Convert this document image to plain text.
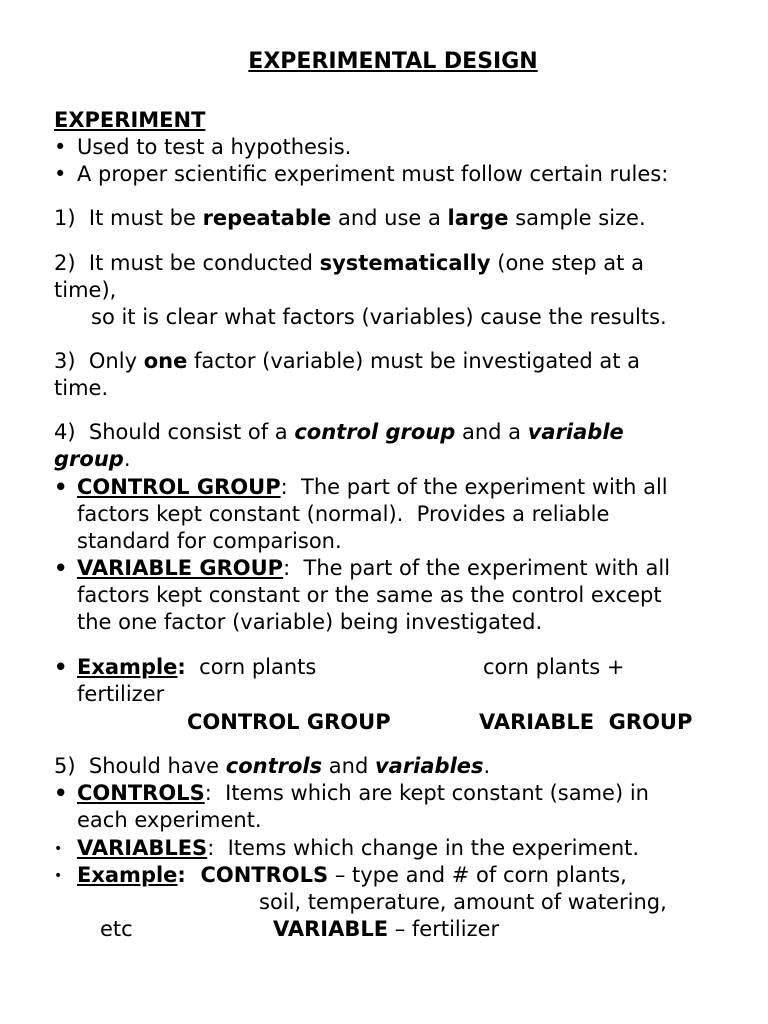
EXPERIMENTAL DESIGN

EXPERIMENT

• Used to test a hypothesis.

• A proper scientific experiment must follow certain rules:

1)  It must be repeatable and use a large sample size.

2)  It must be conducted systematically (one step at a

time),

so it is clear what factors (variables) cause the results.

3)  Only one factor (variable) must be investigated at a

time.

4)  Should consist of a control group and a variable

group.

• CONTROL GROUP:  The part of the experiment with all

factors kept constant (normal).  Provides a reliable

standard for comparison.

• VARIABLE GROUP:  The part of the experiment with all

factors kept constant or the same as the control except

the one factor (variable) being investigated.

• Example:  corn plants	corn plants +

fertilizer

CONTROL GROUP	VARIABLE  GROUP

5)  Should have controls and variables.

• CONTROLS:  Items which are kept constant (same) in

each experiment.

• VARIABLES:  Items which change in the experiment.

• Example:  CONTROLS – type and # of corn plants,

soil, temperature, amount of watering,

etc	VARIABLE – fertilizer
